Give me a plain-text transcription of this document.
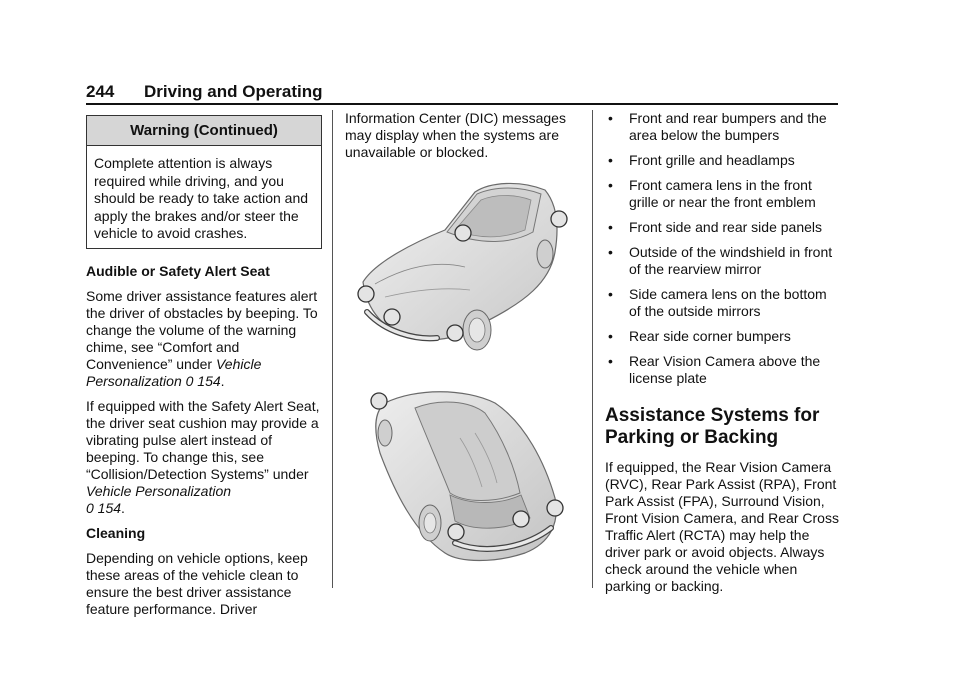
244 Driving and Operating
Warning (Continued)
Complete attention is always required while driving, and you should be ready to take action and apply the brakes and/or steer the vehicle to avoid crashes.

Audible or Safety Alert Seat

Some driver assistance features alert the driver of obstacles by beeping. To change the volume of the warning chime, see “Comfort and Convenience” under Vehicle Personalization 0 154.

If equipped with the Safety Alert Seat, the driver seat cushion may provide a vibrating pulse alert instead of beeping. To change this, see “Collision/Detection Systems” under Vehicle Personalization
0 154.

Cleaning

Depending on vehicle options, keep these areas of the vehicle clean to ensure the best driver assistance feature performance. Driver

Information Center (DIC) messages may display when the systems are unavailable or blocked.

• Front and rear bumpers and the area below the bumpers
• Front grille and headlamps
• Front camera lens in the front grille or near the front emblem
• Front side and rear side panels
• Outside of the windshield in front of the rearview mirror
• Side camera lens on the bottom of the outside mirrors
• Rear side corner bumpers
• Rear Vision Camera above the license plate
Assistance Systems for Parking or Backing

If equipped, the Rear Vision Camera (RVC), Rear Park Assist (RPA), Front Park Assist (FPA), Surround Vision, Front Vision Camera, and Rear Cross Traffic Alert (RCTA) may help the driver park or avoid objects. Always check around the vehicle when parking or backing.
